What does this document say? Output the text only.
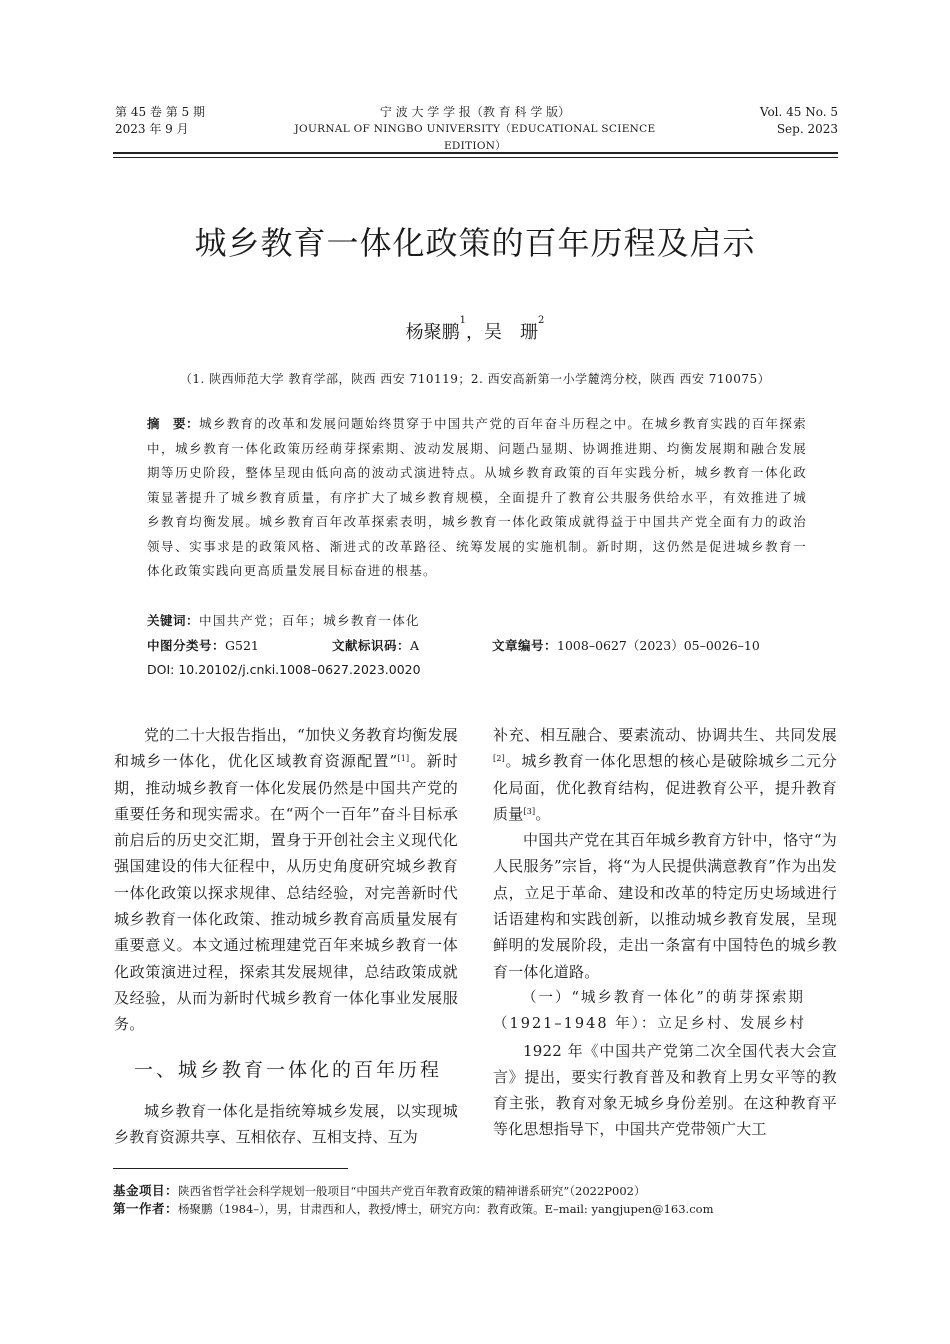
第 45 卷 第 5 期
2023 年 9 月
宁 波 大 学 学 报（教 育 科 学 版）
JOURNAL OF NINGBO UNIVERSITY（EDUCATIONAL SCIENCE EDITION）
Vol. 45 No. 5
Sep. 2023
城乡教育一体化政策的百年历程及启示
杨聚鹏$^1$，吴　珊$^2$
（1. 陕西师范大学 教育学部，陕西 西安 710119；2. 西安高新第一小学麓湾分校，陕西 西安 710075）

摘　要：城乡教育的改革和发展问题始终贯穿于中国共产党的百年奋斗历程之中。在城乡教育实践的百年探索中，城乡教育一体化政策历经萌芽探索期、波动发展期、问题凸显期、协调推进期、均衡发展期和融合发展期等历史阶段，整体呈现由低向高的波动式演进特点。从城乡教育政策的百年实践分析，城乡教育一体化政策显著提升了城乡教育质量，有序扩大了城乡教育规模，全面提升了教育公共服务供给水平，有效推进了城乡教育均衡发展。城乡教育百年改革探索表明，城乡教育一体化政策成就得益于中国共产党全面有力的政治领导、实事求是的政策风格、渐进式的改革路径、统筹发展的实施机制。新时期，这仍然是促进城乡教育一体化政策实践向更高质量发展目标奋进的根基。

关键词：中国共产党；百年；城乡教育一体化
中图分类号：G521	文献标识码：A	文章编号：1008–0627（2023）05–0026–10
DOI: 10.20102/j.cnki.1008–0627.2023.0020

党的二十大报告指出，“加快义务教育均衡发展和城乡一体化，优化区域教育资源配置”[1]。新时期，推动城乡教育一体化发展仍然是中国共产党的重要任务和现实需求。在“两个一百年”奋斗目标承前启后的历史交汇期，置身于开创社会主义现代化强国建设的伟大征程中，从历史角度研究城乡教育一体化政策以探求规律、总结经验，对完善新时代城乡教育一体化政策、推动城乡教育高质量发展有重要意义。本文通过梳理建党百年来城乡教育一体化政策演进过程，探索其发展规律，总结政策成就及经验，从而为新时代城乡教育一体化事业发展服务。

一、城乡教育一体化的百年历程

城乡教育一体化是指统筹城乡发展，以实现城乡教育资源共享、互相依存、互相支持、互为

补充、相互融合、要素流动、协调共生、共同发展[2]。城乡教育一体化思想的核心是破除城乡二元分化局面，优化教育结构，促进教育公平，提升教育质量[3]。

中国共产党在其百年城乡教育方针中，恪守“为人民服务”宗旨，将“为人民提供满意教育”作为出发点，立足于革命、建设和改革的特定历史场域进行话语建构和实践创新，以推动城乡教育发展，呈现鲜明的发展阶段，走出一条富有中国特色的城乡教育一体化道路。

（一）“城乡教育一体化”的萌芽探索期
（1921–1948 年）：立足乡村、发展乡村

1922 年《中国共产党第二次全国代表大会宣言》提出，要实行教育普及和教育上男女平等的教育主张，教育对象无城乡身份差别。在这种教育平等化思想指导下，中国共产党带领广大工

基金项目：陕西省哲学社会科学规划一般项目“中国共产党百年教育政策的精神谱系研究”（2022P002）
第一作者：杨聚鹏（1984–），男，甘肃西和人，教授/博士，研究方向：教育政策。E–mail: yangjupen@163.com
